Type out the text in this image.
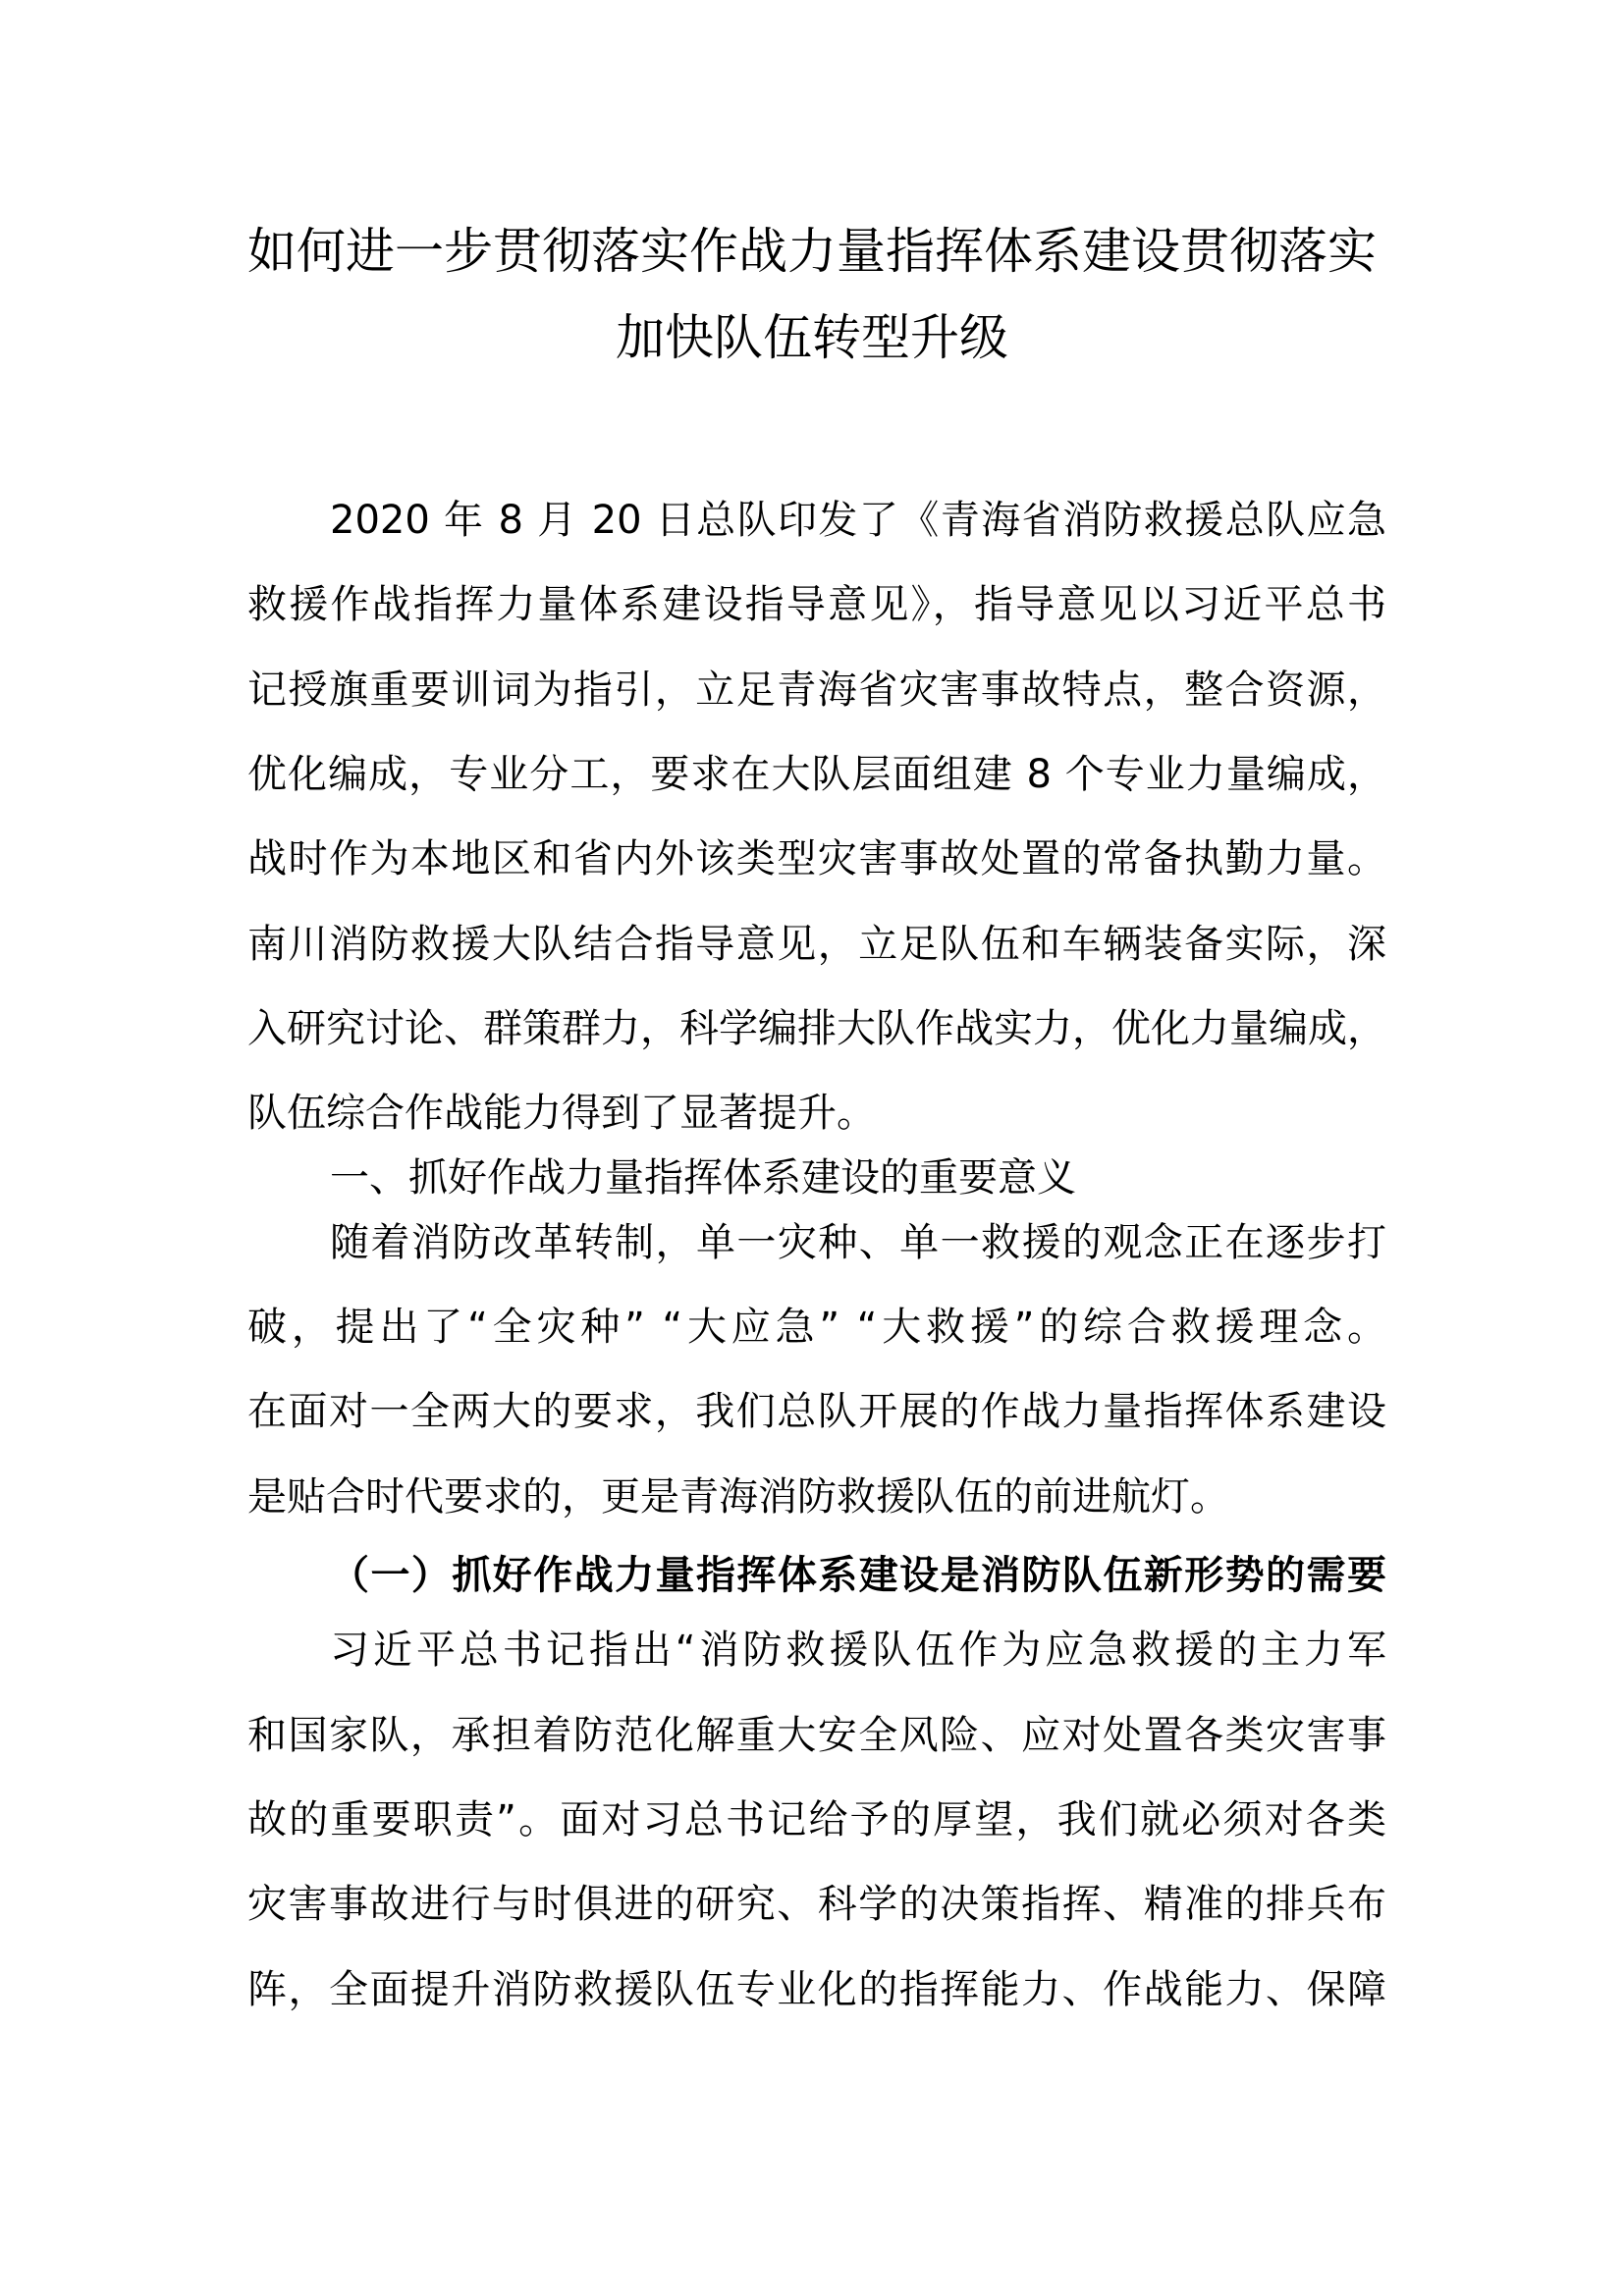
如何进一步贯彻落实作战力量指挥体系建设贯彻落实
加快队伍转型升级
2020 年 8 月 20 日总队印发了《青海省消防救援总队应急
救援作战指挥力量体系建设指导意见》，指导意见以习近平总书
记授旗重要训词为指引，立足青海省灾害事故特点，整合资源，
优化编成，专业分工，要求在大队层面组建 8 个专业力量编成，
战时作为本地区和省内外该类型灾害事故处置的常备执勤力量。
南川消防救援大队结合指导意见，立足队伍和车辆装备实际，深
入研究讨论、群策群力，科学编排大队作战实力，优化力量编成，
队伍综合作战能力得到了显著提升。
一、抓好作战力量指挥体系建设的重要意义
随着消防改革转制，单一灾种、单一救援的观念正在逐步打
破，提出了“全灾种” “大应急” “大救援”的综合救援理念。
在面对一全两大的要求，我们总队开展的作战力量指挥体系建设
是贴合时代要求的，更是青海消防救援队伍的前进航灯。
（一）抓好作战力量指挥体系建设是消防队伍新形势的需要
习近平总书记指出“消防救援队伍作为应急救援的主力军
和国家队，承担着防范化解重大安全风险、应对处置各类灾害事
故的重要职责”。面对习总书记给予的厚望，我们就必须对各类
灾害事故进行与时俱进的研究、科学的决策指挥、精准的排兵布
阵，全面提升消防救援队伍专业化的指挥能力、作战能力、保障
